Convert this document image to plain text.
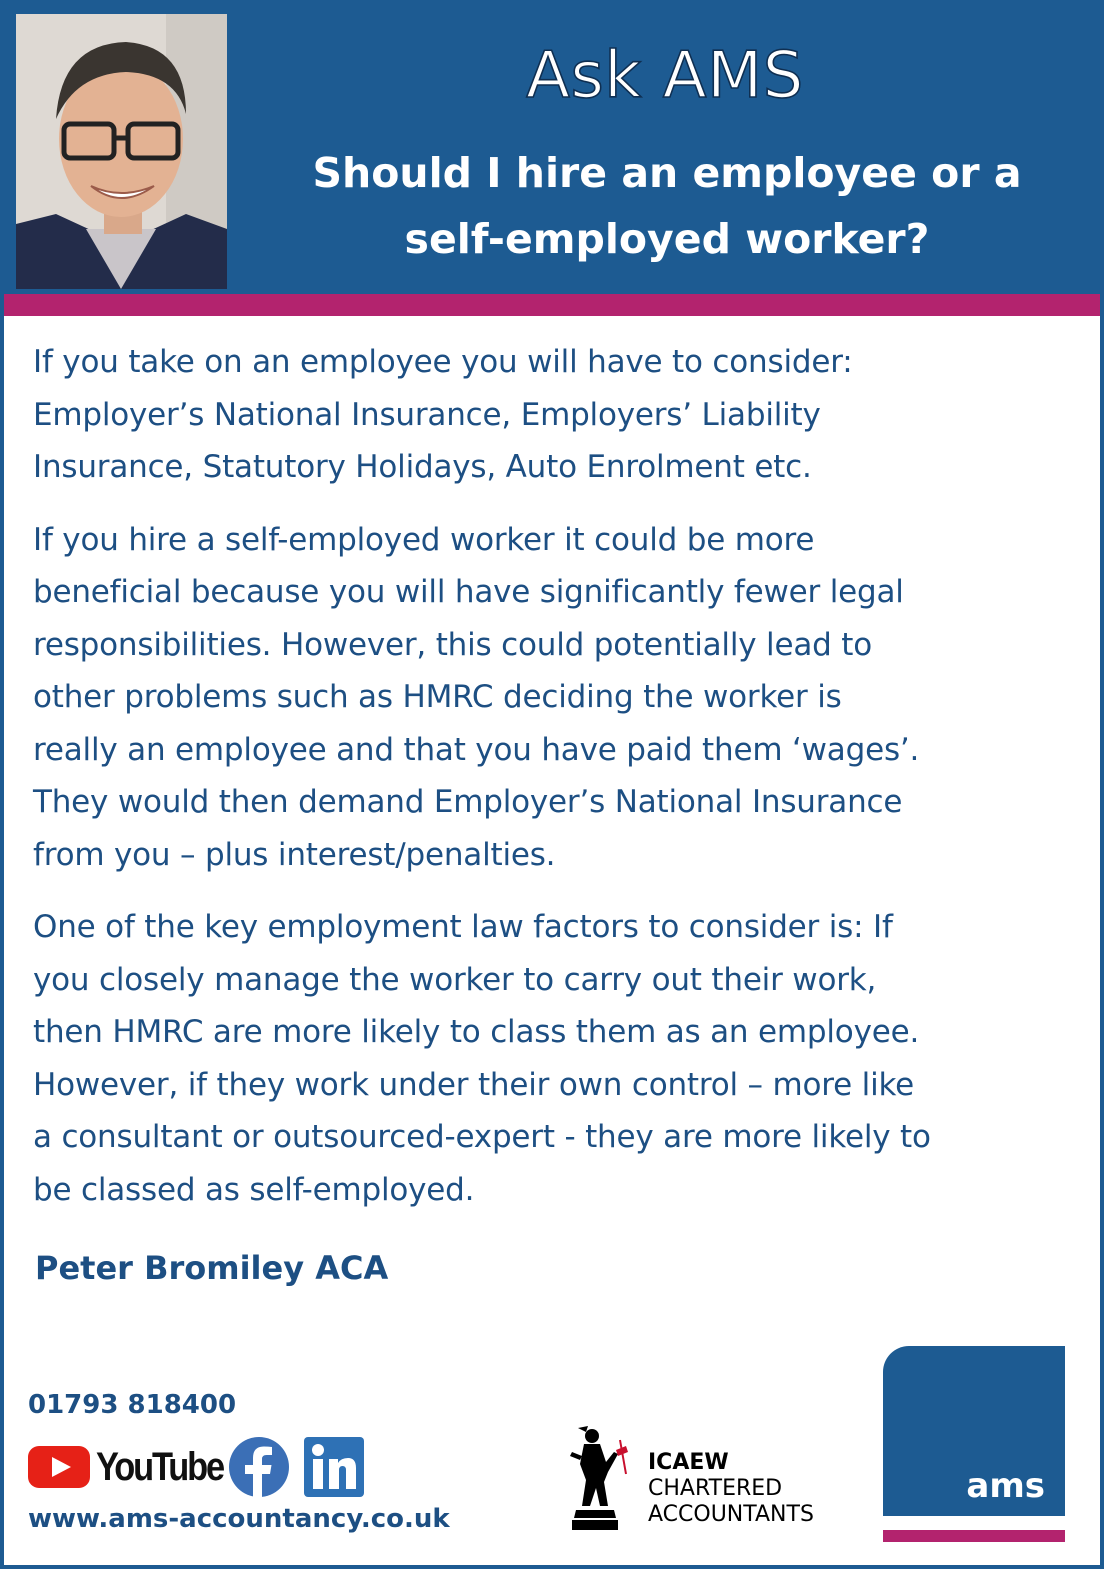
Ask AMS
Should I hire an employee or a
self-employed worker?

If you take on an employee you will have to consider:
Employer’s National Insurance, Employers’ Liability
Insurance, Statutory Holidays, Auto Enrolment etc.

If you hire a self-employed worker it could be more
beneficial because you will have significantly fewer legal
responsibilities. However, this could potentially lead to
other problems such as HMRC deciding the worker is
really an employee and that you have paid them ‘wages’.
They would then demand Employer’s National Insurance
from you – plus interest/penalties.

One of the key employment law factors to consider is: If
you closely manage the worker to carry out their work,
then HMRC are more likely to class them as an employee.
However, if they work under their own control – more like
a consultant or outsourced-expert - they are more likely to
be classed as self-employed.

Peter Bromiley ACA
01793 818400
YouTube
www.ams-accountancy.co.uk
ICAEW
CHARTERED
ACCOUNTANTS
ams
